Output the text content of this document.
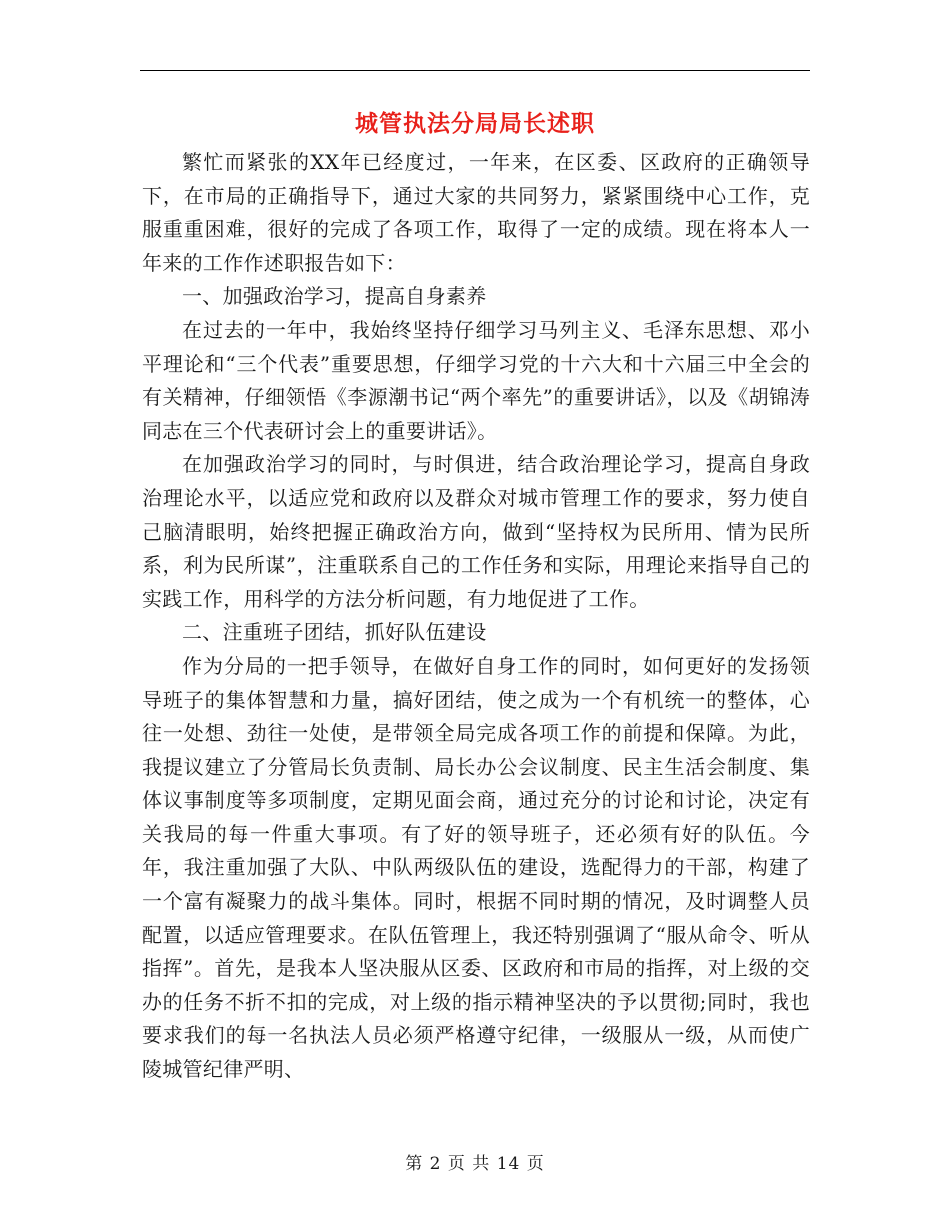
城管执法分局局长述职

繁忙而紧张的XX年已经度过，一年来，在区委、区政府的正确领导下，在市局的正确指导下，通过大家的共同努力，紧紧围绕中心工作，克服重重困难，很好的完成了各项工作，取得了一定的成绩。现在将本人一年来的工作作述职报告如下：

一、加强政治学习，提高自身素养

在过去的一年中，我始终坚持仔细学习马列主义、毛泽东思想、邓小平理论和“三个代表”重要思想，仔细学习党的十六大和十六届三中全会的有关精神，仔细领悟《李源潮书记“两个率先”的重要讲话》，以及《胡锦涛同志在三个代表研讨会上的重要讲话》。

在加强政治学习的同时，与时俱进，结合政治理论学习，提高自身政治理论水平，以适应党和政府以及群众对城市管理工作的要求，努力使自己脑清眼明，始终把握正确政治方向，做到“坚持权为民所用、情为民所系，利为民所谋”，注重联系自己的工作任务和实际，用理论来指导自己的实践工作，用科学的方法分析问题，有力地促进了工作。

二、注重班子团结，抓好队伍建设

作为分局的一把手领导，在做好自身工作的同时，如何更好的发扬领导班子的集体智慧和力量，搞好团结，使之成为一个有机统一的整体，心往一处想、劲往一处使，是带领全局完成各项工作的前提和保障。为此，我提议建立了分管局长负责制、局长办公会议制度、民主生活会制度、集体议事制度等多项制度，定期见面会商，通过充分的讨论和讨论，决定有关我局的每一件重大事项。有了好的领导班子，还必须有好的队伍。今年，我注重加强了大队、中队两级队伍的建设，选配得力的干部，构建了一个富有凝聚力的战斗集体。同时，根据不同时期的情况，及时调整人员配置，以适应管理要求。在队伍管理上，我还特别强调了“服从命令、听从指挥”。首先，是我本人坚决服从区委、区政府和市局的指挥，对上级的交办的任务不折不扣的完成，对上级的指示精神坚决的予以贯彻;同时，我也要求我们的每一名执法人员必须严格遵守纪律，一级服从一级，从而使广陵城管纪律严明、

第 2 页 共 14 页
